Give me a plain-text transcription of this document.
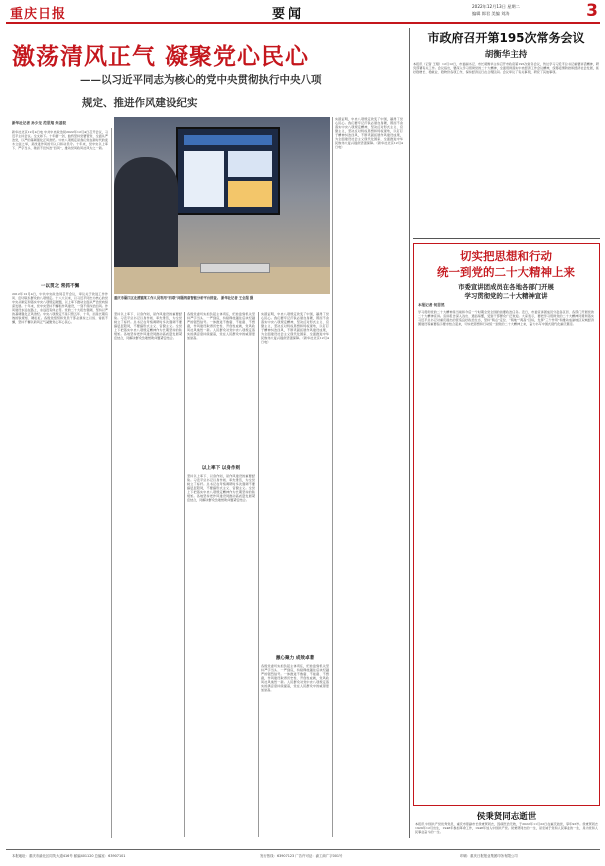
重庆日报	要闻
2022年12月13日 星期二
编辑 郎君 美编 刘涛	3
激荡清风正气 凝聚党心民心
——以习近平同志为核心的党中央贯彻执行中央八项
规定、推进作风建设纪实
新华社记者 孙少龙 范思翔 朱基钗
新华社北京12月4日电 中共中央政治局2022年12月4日召开会议，习近平主持会议。全文如下。十年磨一剑，始终坚持党要管党、全面从严治党，以严的基调强化正风肃纪。中央八项规定是我们党在新时代的徙木立信之举，是改进作风的切入口和动员令。十年来，党中央以上率下、严字当头、驰而不息纠治“四风”，推动党风政风社风为之一新。
一以贯之 常抓不懈
2012年12月4日，中共中央政治局召开会议，审议关于改进工作作风、密切联系群众的八项规定。十八大以来，以习近平同志为核心的党中央从制定和落实中央八项规定破题，以上率下推动全面从严治党向纵深发展。十年来，党中央坚持不懈抓作风建设，一刻不停纠治四风。作风建设永远在路上，永远没有休止符。党的二十大报告强调，坚持以严的基调强化正风肃纪。中央八项规定不是只管五年、十年，而是长期有效的铁规矩、硬杠杠。各级党组织和党员干部必须持之以恒、常抓不懈，坚持不懈以新风正气凝聚党心军心民心。
重庆市綦江区北渡镇某工作人员利用“四联”问题线索智能分析平台排查。 新华社记者 王全超 摄
坚持以上率下、以身作则，是作风建设的重要经验。习近平总书记以身作则、率先垂范，为全党树立了标杆。总书记在考察调研时多次强调不要搞层层陪同，不要搞形式主义、官僚主义。全党上下把落实中央八项规定精神作为长期坚持的铁规矩。各地坚持把作风建设同推动高质量发展紧密结合，同解决群众急难愁盼问题紧密结合。
各级党委切实担负起主体责任，纪检监察机关坚持严字当头、一严到底，持续释放越往后执纪越严的强烈信号。一体推进不敢腐、不能腐、不想腐，作风建设取得历史性、开创性成就，党风政风社风焕然一新。人民群众对党中央八项规定落实的满意度持续提高，党在人民群众中的威望更加崇高。
以上率下 以身作则
坚持以上率下、以身作则，是作风建设的重要经验。习近平总书记以身作则、率先垂范，为全党树立了标杆。总书记在考察调研时多次强调不要搞层层陪同，不要搞形式主义、官僚主义。全党上下把落实中央八项规定精神作为长期坚持的铁规矩。各地坚持把作风建设同推动高质量发展紧密结合，同解决群众急难愁盼问题紧密结合。
实践证明，中央八项规定改变了中国，赢得了党心民心。我们要牢记打铁必须自身硬，锲而不舍落实中央八项规定精神，坚决反对形式主义、官僚主义，坚决反对特权思想和特权现象，以钉钉子精神纠治四风，不断巩固拓展作风建设成果，为全面建设社会主义现代化国家、全面推进中华民族伟大复兴提供坚强保障。（新华社北京12月4日电）
激心聚力 成效卓著
各级党委切实担负起主体责任，纪检监察机关坚持严字当头、一严到底，持续释放越往后执纪越严的强烈信号。一体推进不敢腐、不能腐、不想腐，作风建设取得历史性、开创性成就，党风政风社风焕然一新。人民群众对党中央八项规定落实的满意度持续提高，党在人民群众中的威望更加崇高。
实践证明，中央八项规定改变了中国，赢得了党心民心。我们要牢记打铁必须自身硬，锲而不舍落实中央八项规定精神，坚决反对形式主义、官僚主义，坚决反对特权思想和特权现象，以钉钉子精神纠治四风，不断巩固拓展作风建设成果，为全面建设社会主义现代化国家、全面推进中华民族伟大复兴提供坚强保障。（新华社北京12月4日电）
市政府召开第195次常务会议
胡衡华主持
本报讯（记者 王翔）12月12日，市委副书记、市长胡衡华主持召开市政府第195次常务会议，传达学习习近平总书记重要讲话精神，研究部署有关工作。会议指出，要深入学习贯彻党的二十大精神，全面贯彻落实中央经济工作会议精神，统筹疫情防控和经济社会发展，抓好稳增长、稳就业、稳物价各项工作，保持经济运行在合理区间。会议审议了有关事项，研究了其他事项。
切实把思想和行动
统一到党的二十大精神上来
市委宣讲团成员在各地各部门开展
学习贯彻党的二十大精神宣讲
本报记者 何思然
学习贯彻党的二十大精神是当前和今后一个时期全党全国的首要政治任务。近日，市委宣讲团成员分赴各区县、各部门开展党的二十大精神宣讲。宣讲报告深入浅出、通俗易懂，受到干部群众广泛欢迎。大家表示，要把学习贯彻党的二十大精神同贯彻落实习近平总书记对重庆提出的营造良好政治生态，坚持“两点”定位、“两地”“两高”目标，发挥“三个作用”和推动成渝地区双城经济圈建设等重要指示要求结合起来，切实把思想和行动统一到党的二十大精神上来，奋力书写中国式现代化重庆篇章。
侯秉贤同志逝世
本报讯 中国共产党优秀党员，重庆市原副市长侯秉贤同志，因病医治无效，于2022年11月22日在重庆逝世，享年93岁。侯秉贤同志1929年12月出生，1948年参加革命工作，1948年加入中国共产党。侯秉贤同志的一生，是忠诚于党和人民事业的一生，是为党和人民事业奋斗的一生。
本报地址：重庆市渝北区同茂大道416号 邮编401120 总编室：63907101	发行热线：63907123 广告许可证：渝工商广字001号	印刷：重庆日报报业集团印务有限公司
